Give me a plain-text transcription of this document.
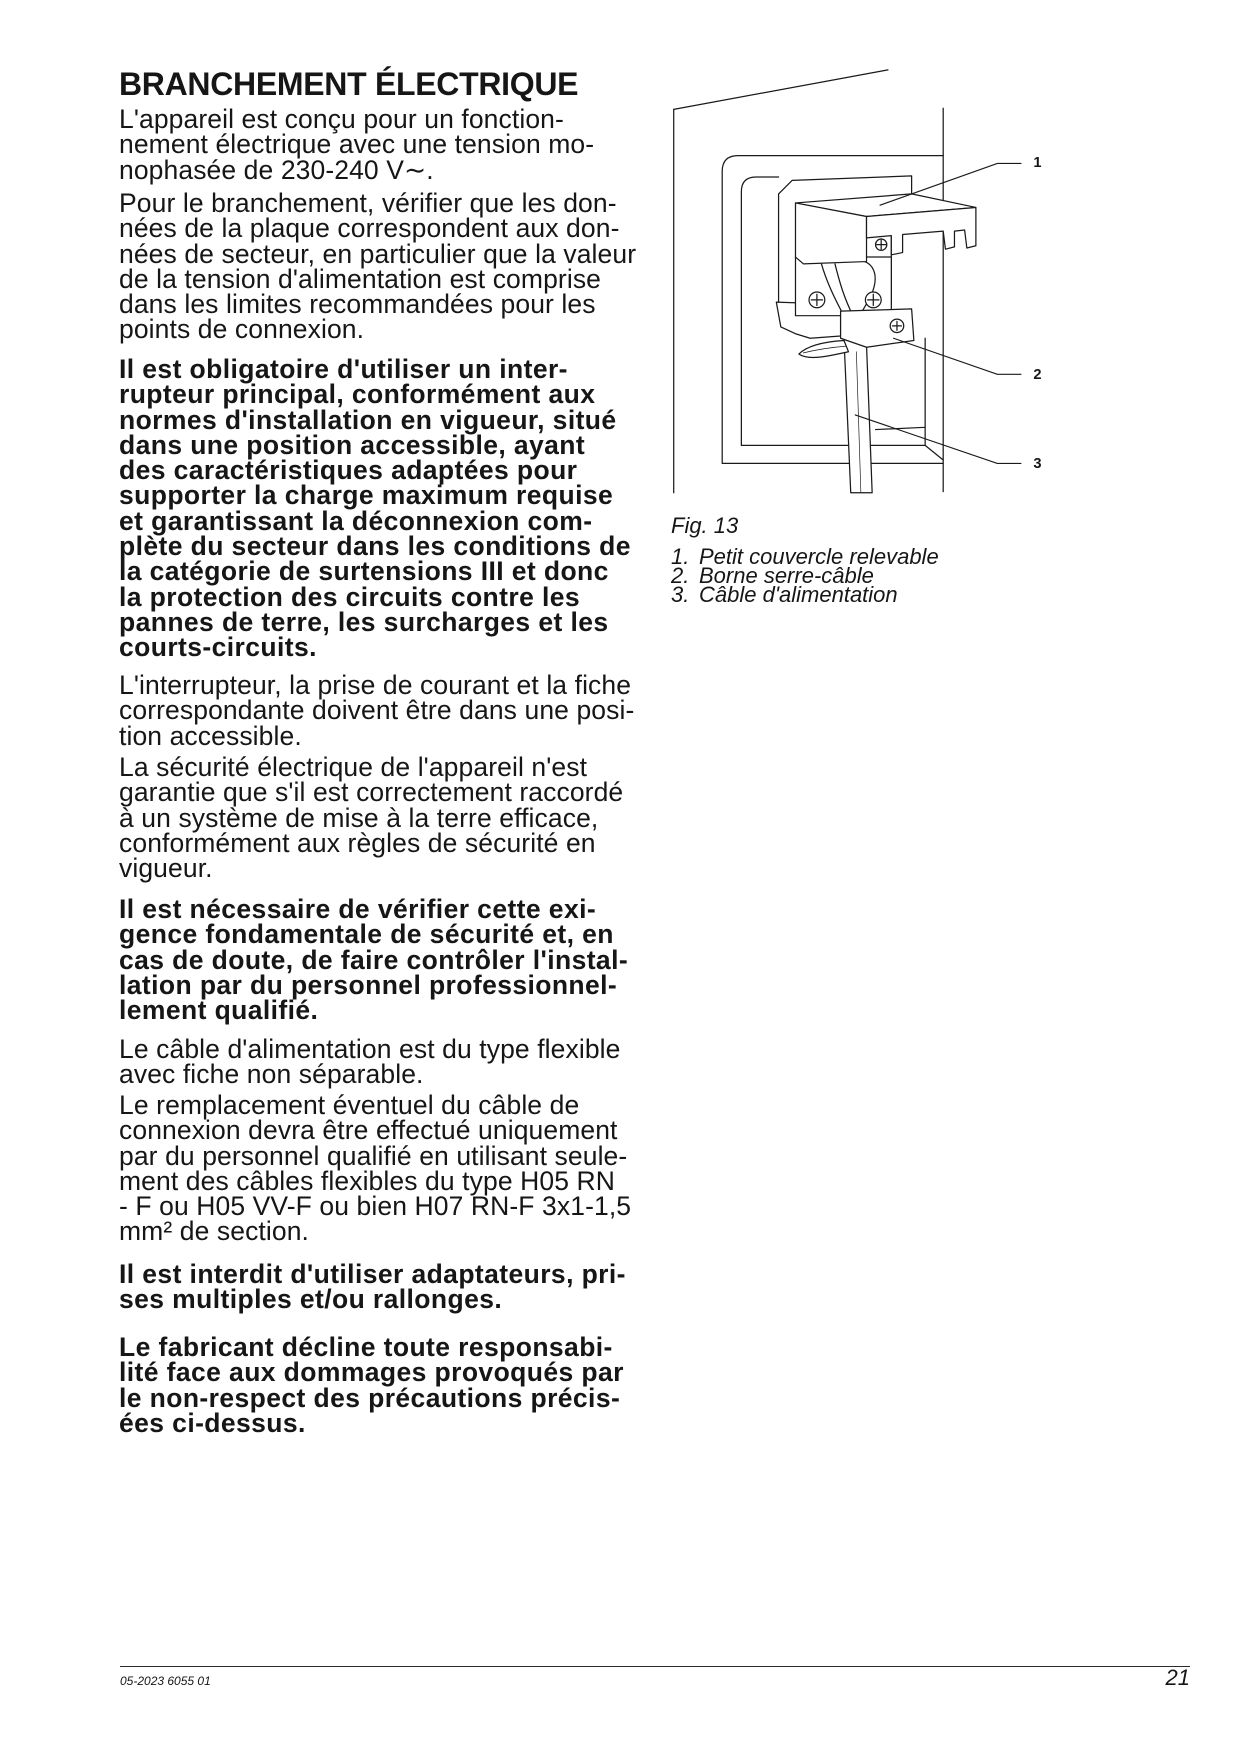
BRANCHEMENT ÉLECTRIQUE
L'appareil est conçu pour un fonction-
nement électrique avec une tension mo-
nophasée de 230-240 V∼.
Pour le branchement, vérifier que les don-
nées de la plaque correspondent aux don-
nées de secteur, en particulier que la valeur
de la tension d'alimentation est comprise
dans les limites recommandées pour les
points de connexion.
Il est obligatoire d'utiliser un inter-
rupteur principal, conformément aux
normes d'installation en vigueur, situé
dans une position accessible, ayant
des caractéristiques adaptées pour
supporter la charge maximum requise
et garantissant la déconnexion com-
plète du secteur dans les conditions de
la catégorie de surtensions III et donc
la protection des circuits contre les
pannes de terre, les surcharges et les
courts-circuits.
L'interrupteur, la prise de courant et la fiche
correspondante doivent être dans une posi-
tion accessible.
La sécurité électrique de l'appareil n'est
garantie que s'il est correctement raccordé
à un système de mise à la terre efficace,
conformément aux règles de sécurité en
vigueur.
Il est nécessaire de vérifier cette exi-
gence fondamentale de sécurité et, en
cas de doute, de faire contrôler l'instal-
lation par du personnel professionnel-
lement qualifié.
Le câble d'alimentation est du type flexible
avec fiche non séparable.
Le remplacement éventuel du câble de
connexion devra être effectué uniquement
par du personnel qualifié en utilisant seule-
ment des câbles flexibles du type H05 RN
- F ou H05 VV-F ou bien H07 RN-F 3x1-1,5
mm² de section.
Il est interdit d'utiliser adaptateurs, pri-
ses multiples et/ou rallonges.
Le fabricant décline toute responsabi-
lité face aux dommages provoqués par
le non-respect des précautions précis-
ées ci-dessus.
1
2
3
Fig. 13
1. Petit couvercle relevable
2. Borne serre-câble
3. Câble d'alimentation
05-2023 6055 01	21
